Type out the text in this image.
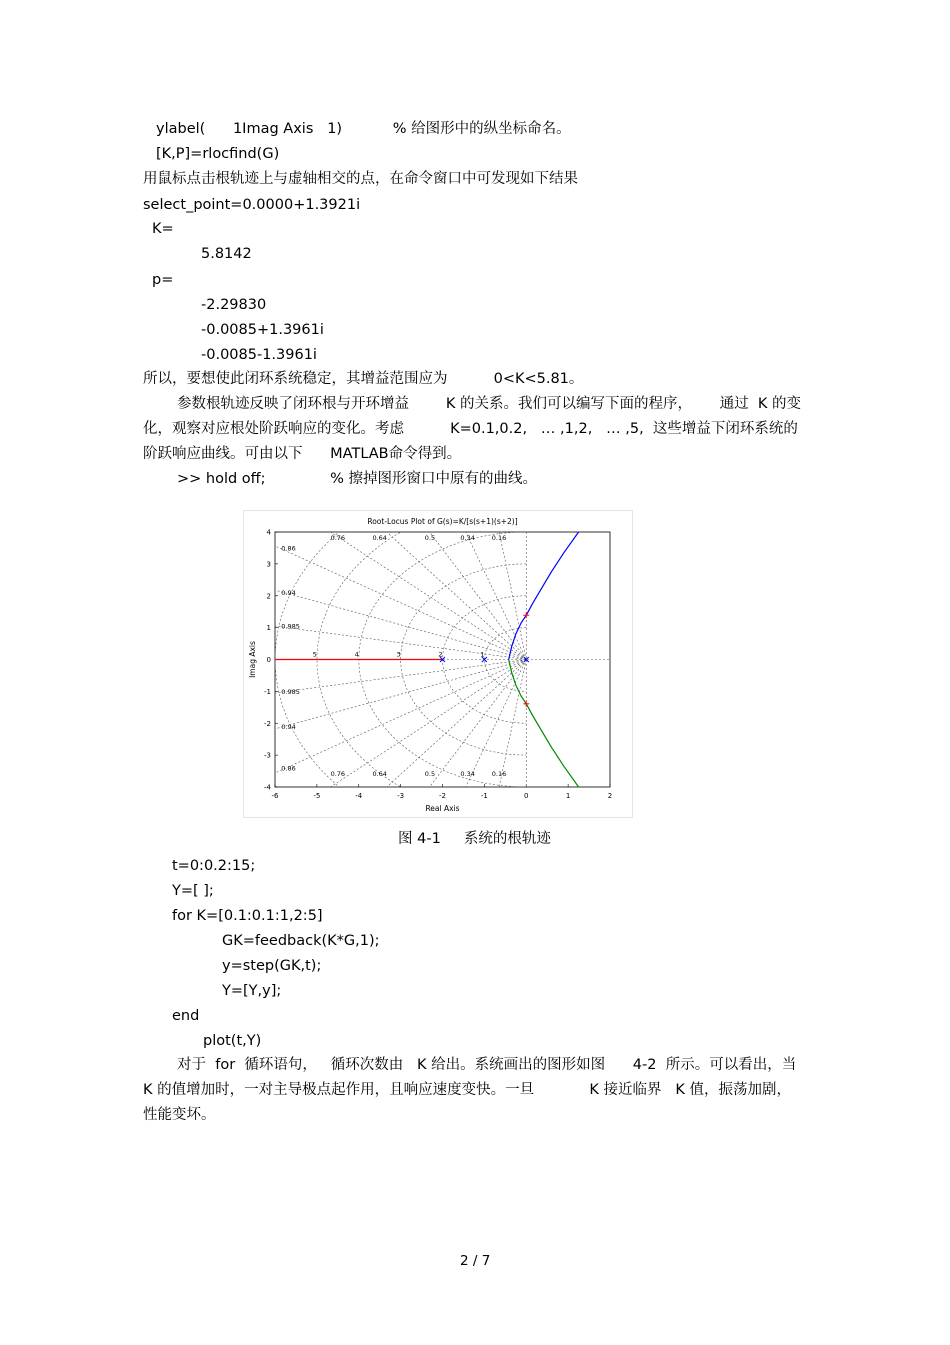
ylabel(      1Imag Axis   1)           % 给图形中的纵坐标命名。
[K,P]=rlocfind(G)
用鼠标点击根轨迹上与虚轴相交的点，在命令窗口中可发现如下结果
select_point=0.0000+1.3921i
K=
5.8142
p=
-2.29830
-0.0085+1.3961i
-0.0085-1.3961i
所以，要想使此闭环系统稳定，其增益范围应为          0<K<5.81。
参数根轨迹反映了闭环根与开环增益        K 的关系。我们可以编写下面的程序，      通过  K 的变
化，观察对应根处阶跃响应的变化。考虑          K=0.1,0.2,   … ,1,2,   … ,5,  这些增益下闭环系统的
阶跃响应曲线。可由以下      MATLAB命令得到。
>> hold off;              % 擦掉图形窗口中原有的曲线。
Root-Locus Plot of G(s)=K/[s(s+1)(s+2)]
Real Axis
Imag Axis
-6	-5	-4	-3	-2	-1	0	1	2
4
3
2
1
0
-1
-2
-3
-4
0.76	0.64	0.5	0.34	0.16
0.76	0.64	0.5	0.34	0.16
0.86
0.94
0.985
0.985
0.94
0.86
5	4	3	2	1
图 4-1     系统的根轨迹
t=0:0.2:15;
Y=[ ];
for K=[0.1:0.1:1,2:5]
GK=feedback(K*G,1);
y=step(GK,t);
Y=[Y,y];
end
plot(t,Y)
对于  for  循环语句，   循环次数由   K 给出。系统画出的图形如图      4-2  所示。可以看出，当
K 的值增加时，一对主导极点起作用，且响应速度变快。一旦            K 接近临界   K 值，振荡加剧，
性能变坏。
2 / 7
